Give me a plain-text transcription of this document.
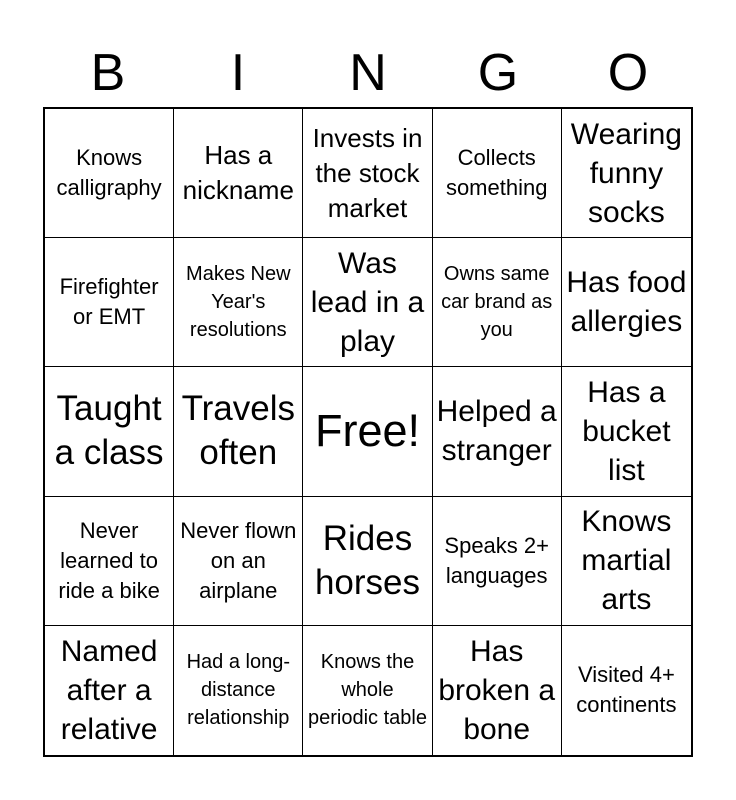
B	I	N	G	O
Knows calligraphy
Has a nickname
Invests in the stock market
Collects something
Wearing funny socks
Firefighter or EMT
Makes New Year's resolutions
Was lead in a play
Owns same car brand as you
Has food allergies
Taught a class
Travels often Free! Helped a stranger
Has a bucket list
Never learned to ride a bike
Never flown on an airplane
Rides horses
Speaks 2+ languages
Knows martial arts
Named after a relative
Had a long-distance relationship
Knows the whole periodic table
Has broken a bone
Visited 4+ continents
